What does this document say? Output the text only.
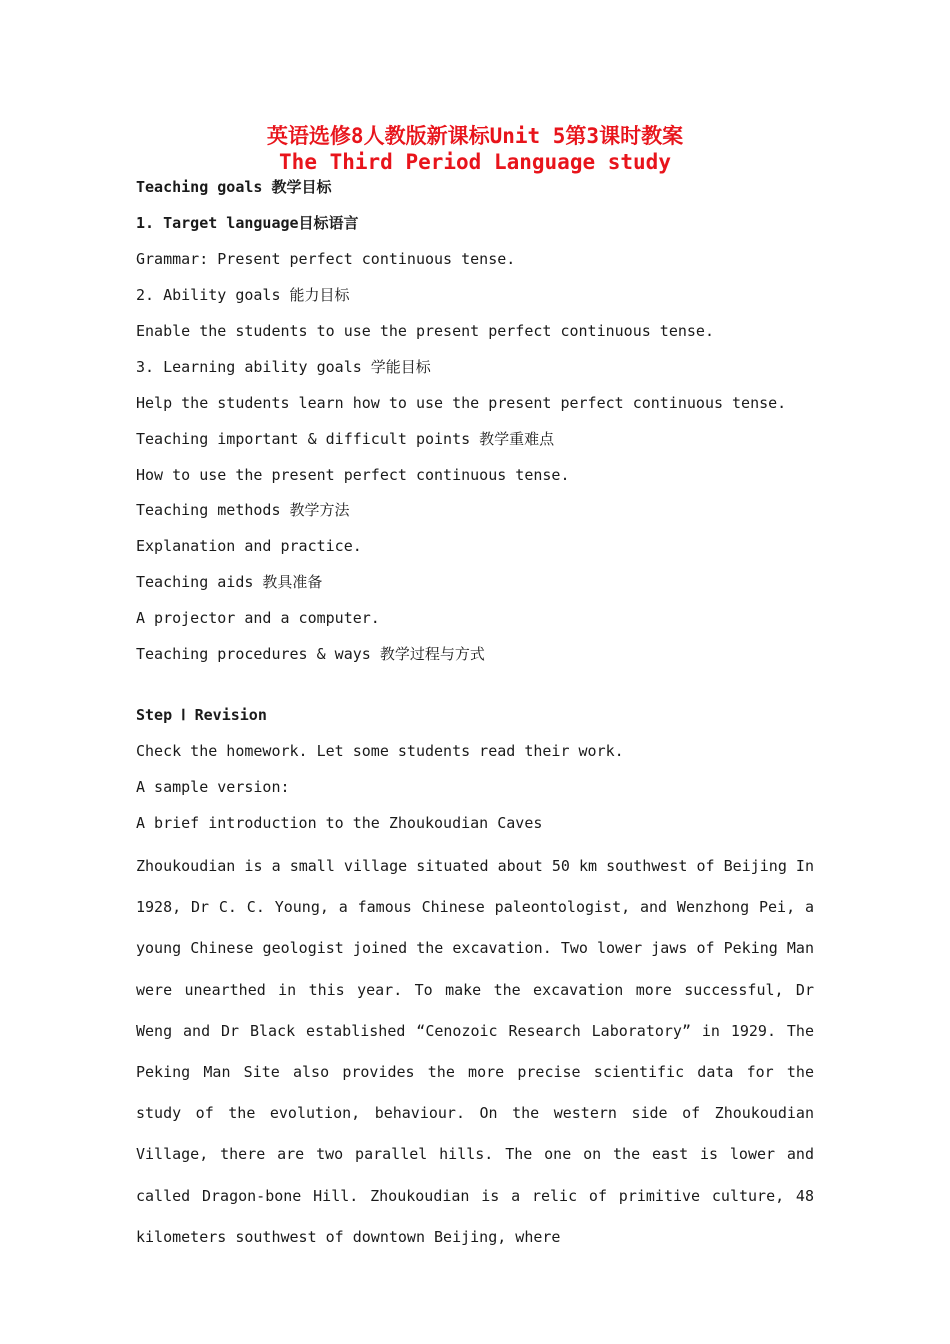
英语选修8人教版新课标Unit 5第3课时教案
The Third Period Language study
Teaching goals 教学目标
1. Target language目标语言
Grammar: Present perfect continuous tense.
2. Ability goals 能力目标
Enable the students to use the present perfect continuous tense.
3. Learning ability goals 学能目标
Help the students learn how to use the present perfect continuous tense.
Teaching important & difficult points 教学重难点
How to use the present perfect continuous tense.
Teaching methods 教学方法
Explanation and practice.
Teaching aids 教具准备
A projector and a computer.
Teaching procedures & ways 教学过程与方式
Step Ⅰ Revision
Check the homework. Let some students read their work.
A sample version:
A brief introduction to the Zhoukoudian Caves
Zhoukoudian is a small village situated about 50 km southwest of Beijing In 1928, Dr C. C. Young, a famous Chinese paleontologist, and Wenzhong Pei, a young Chinese geologist joined the excavation. Two lower jaws of Peking Man were unearthed in this year. To make the excavation more successful, Dr Weng and Dr Black established “Cenozoic Research Laboratory” in 1929. The Peking Man Site also provides the more precise scientific data for the study of the evolution, behaviour. On the western side of Zhoukoudian Village, there are two parallel hills. The one on the east is lower and called Dragon-bone Hill. Zhoukoudian is a relic of primitive culture, 48 kilometers southwest of downtown Beijing, where
